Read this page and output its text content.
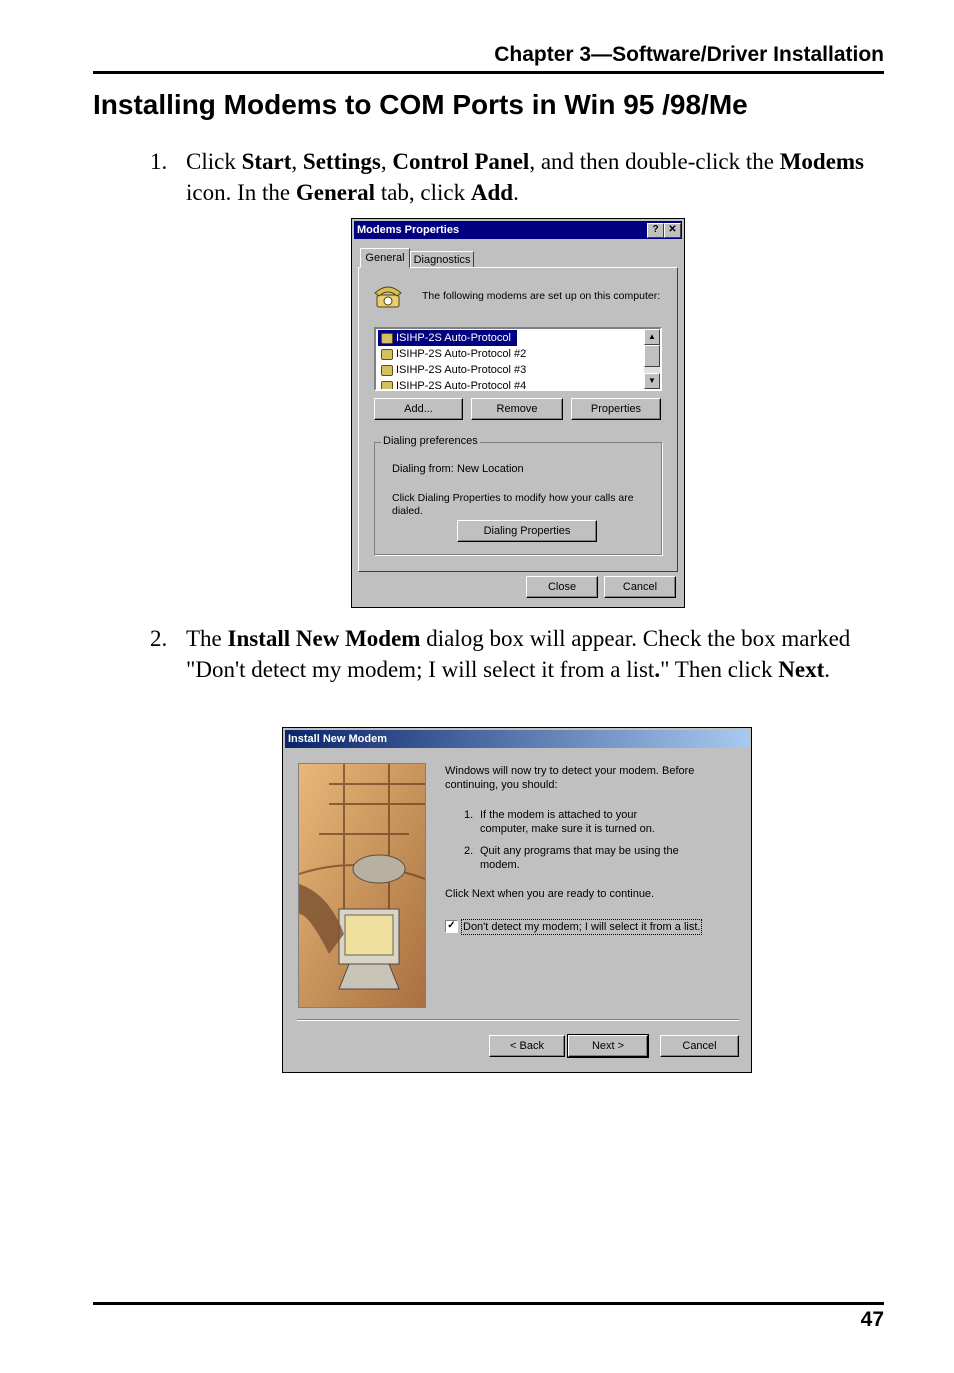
Chapter 3—Software/Driver Installation
Installing Modems to COM Ports in Win 95 /98/Me
1. Click Start, Settings, Control Panel, and then double-click the Modems icon. In the General tab, click Add.
Modems Properties	? ✕
General Diagnostics
The following modems are set up on this computer:
ISIHP-2S Auto-Protocol
ISIHP-2S Auto-Protocol #2
ISIHP-2S Auto-Protocol #3
ISIHP-2S Auto-Protocol #4
▲
▼
Add...	Remove	Properties
Dialing preferences
Dialing from: New Location
Click Dialing Properties to modify how your calls are dialed.
Dialing Properties
Close	Cancel
2. The Install New Modem dialog box will appear. Check the box marked "Don't detect my modem; I will select it from a list." Then click Next.
Install New Modem
Windows will now try to detect your modem. Before continuing, you should:
1. If the modem is attached to your computer, make sure it is turned on.
2. Quit any programs that may be using the modem.
Click Next when you are ready to continue.
✓ Don't detect my modem; I will select it from a list.
< Back	Next >	Cancel
47
